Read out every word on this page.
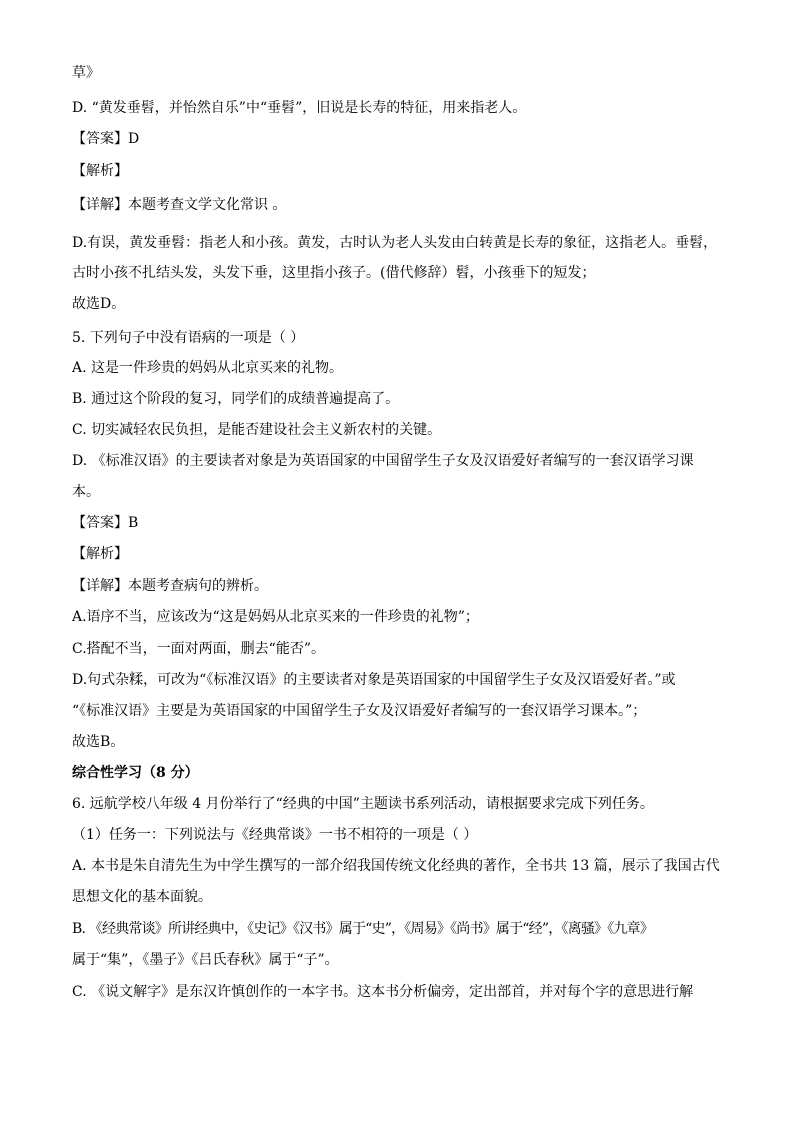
草》
D. “黄发垂髫，并怡然自乐”中“垂髫”，旧说是长寿的特征，用来指老人。
【答案】D
【解析】
【详解】本题考查文学文化常识 。
D.有误，黄发垂髫：指老人和小孩。黄发，古时认为老人头发由白转黄是长寿的象征，这指老人。垂髫，
古时小孩不扎结头发，头发下垂，这里指小孩子。(借代修辞）髫，小孩垂下的短发；
故选D。
5. 下列句子中没有语病的一项是（ ）
A. 这是一件珍贵的妈妈从北京买来的礼物。
B. 通过这个阶段的复习，同学们的成绩普遍提高了。
C. 切实减轻农民负担，是能否建设社会主义新农村的关键。
D. 《标准汉语》的主要读者对象是为英语国家的中国留学生子女及汉语爱好者编写的一套汉语学习课
本。
【答案】B
【解析】
【详解】本题考查病句的辨析。
A.语序不当，应该改为“这是妈妈从北京买来的一件珍贵的礼物”；
C.搭配不当，一面对两面，删去“能否”。
D.句式杂糅，可改为“《标准汉语》的主要读者对象是英语国家的中国留学生子女及汉语爱好者。”或
“《标准汉语》主要是为英语国家的中国留学生子女及汉语爱好者编写的一套汉语学习课本。”；
故选B。
综合性学习（8 分）
6. 远航学校八年级 4 月份举行了“经典的中国”主题读书系列活动，请根据要求完成下列任务。
（1）任务一：下列说法与《经典常谈》一书不相符的一项是（ ）
A. 本书是朱自清先生为中学生撰写的一部介绍我国传统文化经典的著作，全书共 13 篇，展示了我国古代
思想文化的基本面貌。
B. 《经典常谈》所讲经典中，《史记》《汉书》属于“史”，《周易》《尚书》属于“经”，《离骚》《九章》
属于“集”，《墨子》《吕氏春秋》属于“子”。
C. 《说文解字》是东汉许慎创作的一本字书。这本书分析偏旁，定出部首，并对每个字的意思进行解
